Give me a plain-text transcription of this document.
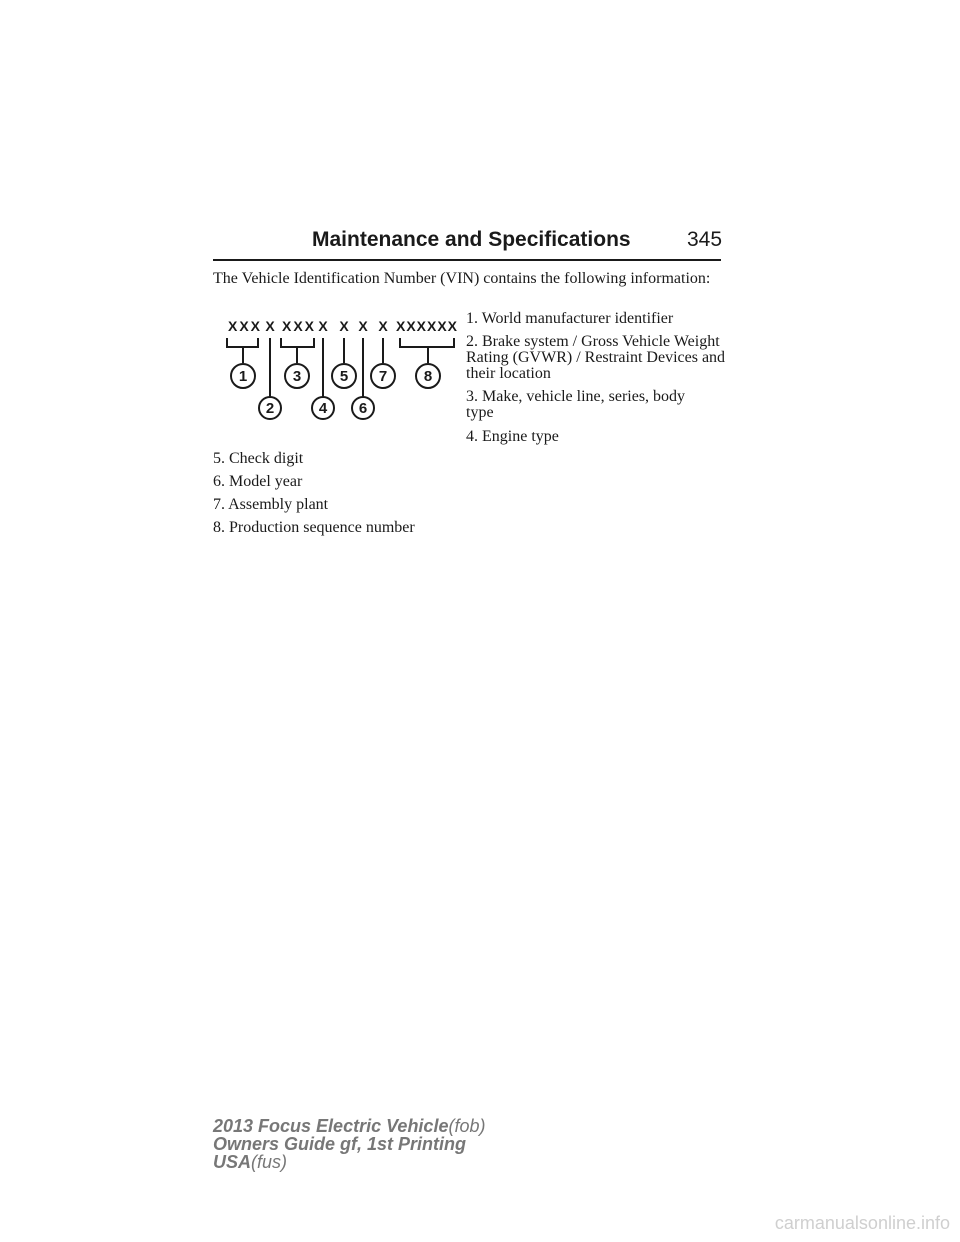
Maintenance and Specifications	345
The Vehicle Identification Number (VIN) contains the following information:
XXX X XXX X X X X XXXXXX
1
2
3
4
5
6
7 8
1. World manufacturer identifier
2. Brake system / Gross Vehicle Weight Rating (GVWR) / Restraint Devices and their location
3. Make, vehicle line, series, body type
4. Engine type
5. Check digit
6. Model year
7. Assembly plant
8. Production sequence number
2013 Focus Electric Vehicle(fob)
Owners Guide gf, 1st Printing
USA(fus)
carmanualsonline.info
